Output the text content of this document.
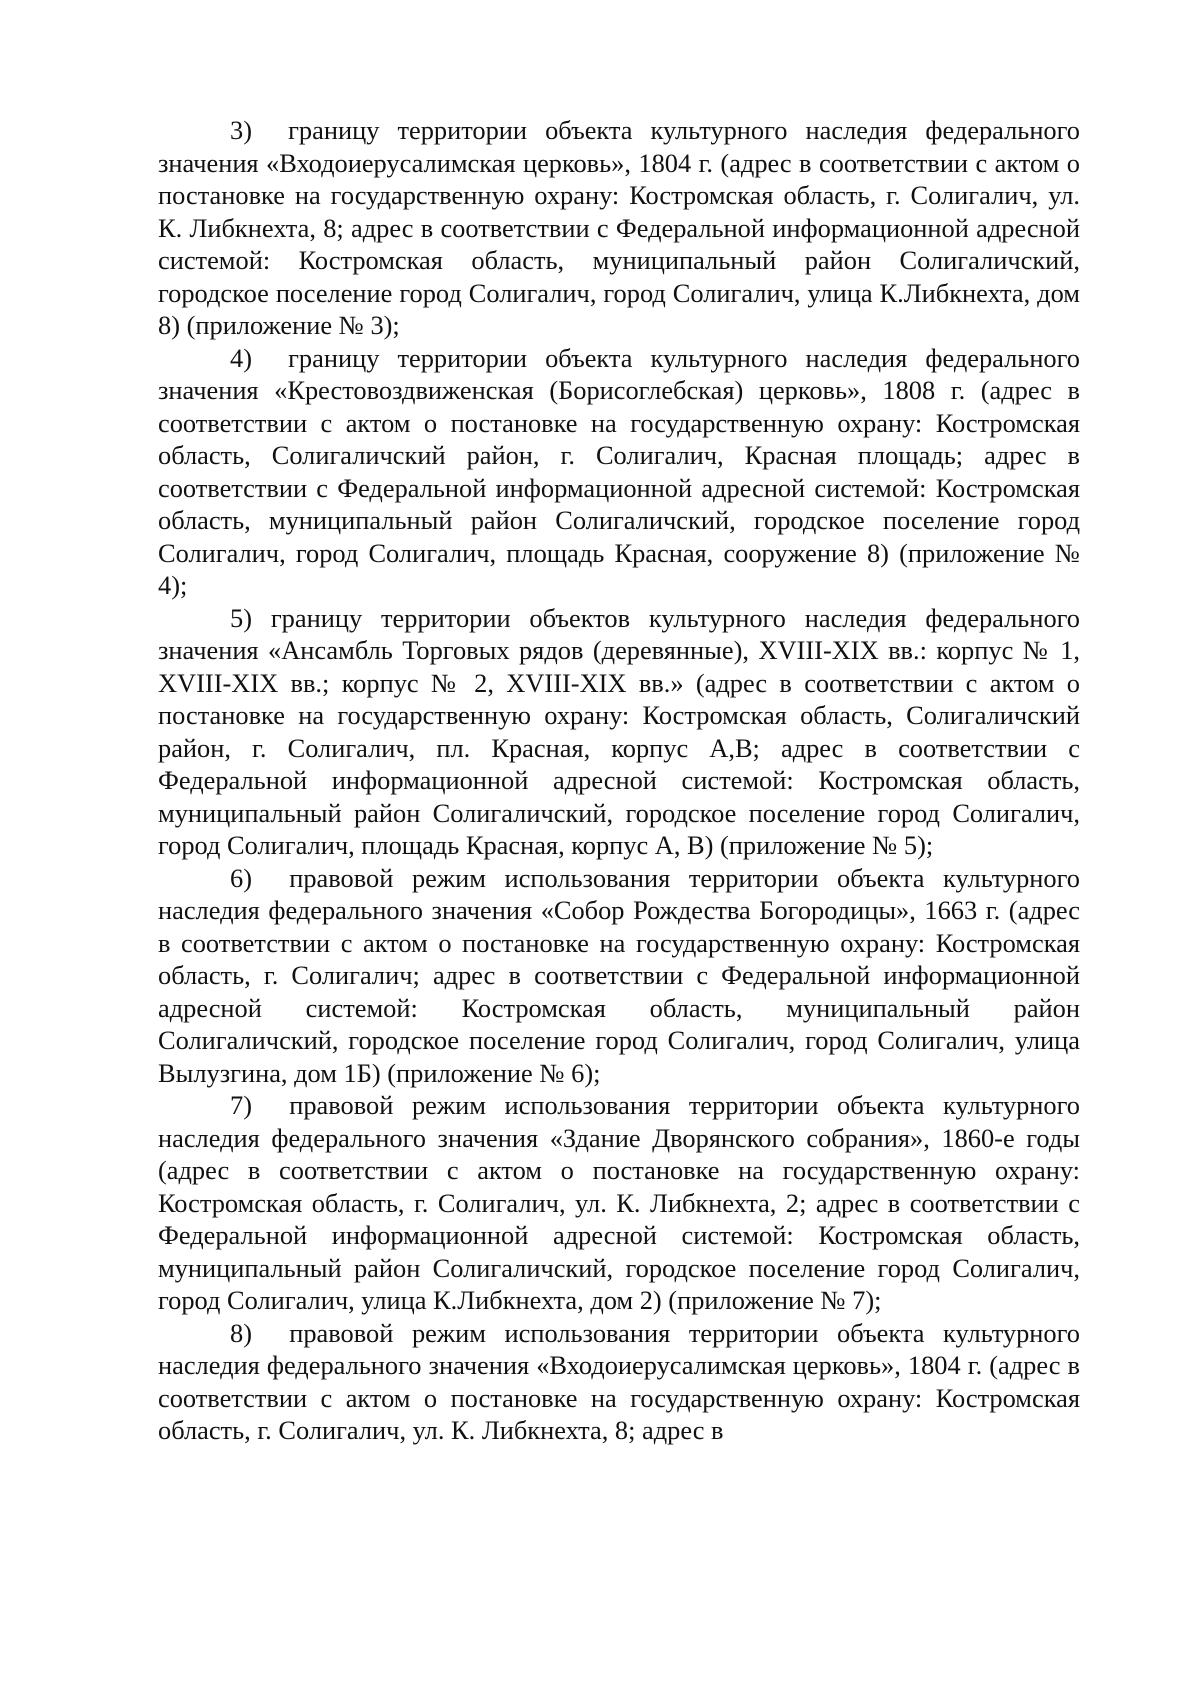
3)  границу территории объекта культурного наследия федерального значения «Входоиерусалимская церковь», 1804 г. (адрес в соответствии с актом о постановке на государственную охрану: Костромская область, г. Солигалич, ул. К. Либкнехта, 8; адрес в соответствии с Федеральной информационной адресной системой: Костромская область, муниципальный район Солигаличский, городское поселение город Солигалич, город Солигалич, улица К.Либкнехта, дом 8) (приложение № 3);

4)  границу территории объекта культурного наследия федерального значения «Крестовоздвиженская (Борисоглебская) церковь», 1808 г. (адрес в соответствии с актом о постановке на государственную охрану: Костромская область, Солигаличский район, г. Солигалич, Красная площадь; адрес в соответствии с Федеральной информационной адресной системой: Костромская область, муниципальный район Солигаличский, городское поселение город Солигалич, город Солигалич, площадь Красная, сооружение 8) (приложение № 4);

5) границу территории объектов культурного наследия федерального значения «Ансамбль Торговых рядов (деревянные), XVIII-XIX вв.: корпус № 1, XVIII-XIX вв.; корпус № 2, XVIII-XIX вв.» (адрес в соответствии с актом о постановке на государственную охрану: Костромская область, Солигаличский район, г. Солигалич, пл. Красная, корпус А,В; адрес в соответствии с Федеральной информационной адресной системой: Костромская область, муниципальный район Солигаличский, городское поселение город Солигалич, город Солигалич, площадь Красная, корпус А, В) (приложение № 5);

6)  правовой режим использования территории объекта культурного наследия федерального значения «Собор Рождества Богородицы», 1663 г. (адрес в соответствии с актом о постановке на государственную охрану: Костромская область, г. Солигалич; адрес в соответствии с Федеральной информационной адресной системой: Костромская область, муниципальный район Солигаличский, городское поселение город Солигалич, город Солигалич, улица Вылузгина, дом 1Б) (приложение № 6);

7)  правовой режим использования территории объекта культурного наследия федерального значения «Здание Дворянского собрания», 1860-е годы (адрес в соответствии с актом о постановке на государственную охрану: Костромская область, г. Солигалич, ул. К. Либкнехта, 2; адрес в соответствии с Федеральной информационной адресной системой: Костромская область, муниципальный район Солигаличский, городское поселение город Солигалич, город Солигалич, улица К.Либкнехта, дом 2) (приложение № 7);

8)  правовой режим использования территории объекта культурного наследия федерального значения «Входоиерусалимская церковь», 1804 г. (адрес в соответствии с актом о постановке на государственную охрану: Костромская область, г. Солигалич, ул. К. Либкнехта, 8; адрес в
